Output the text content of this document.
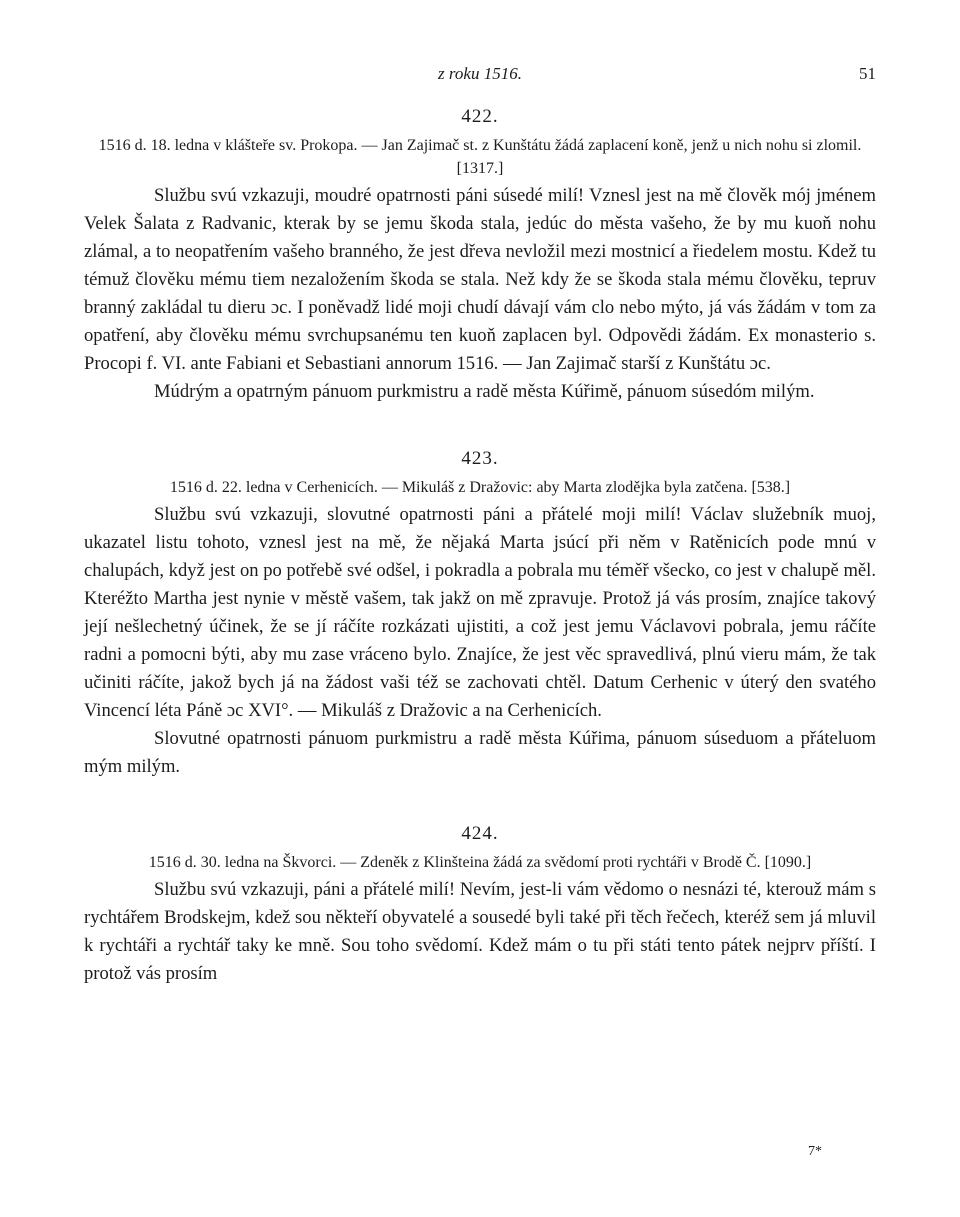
z roku 1516.	51
422.
1516 d. 18. ledna v klášteře sv. Prokopa. — Jan Zajimač st. z Kunštátu žádá zaplacení koně, jenž u nich nohu si zlomil. [1317.]

Službu svú vzkazuji, moudré opatrnosti páni súsedé milí! Vznesl jest na mě člověk mój jménem Velek Šalata z Radvanic, kterak by se jemu škoda stala, jedúc do města vašeho, že by mu kuoň nohu zlámal, a to neopatřením vašeho branného, že jest dřeva nevložil mezi mostnicí a řiedelem mostu. Kdež tu témuž člověku mému tiem nezaložením škoda se stala. Než kdy že se škoda stala mému člověku, tepruv branný zakládal tu dieru ɔc. I poněvadž lidé moji chudí dávají vám clo nebo mýto, já vás žádám v tom za opatření, aby člověku mému svrchupsanému ten kuoň zaplacen byl. Odpovědi žádám. Ex monasterio s. Procopi f. VI. ante Fabiani et Sebastiani annorum 1516. — Jan Zajimač starší z Kunštátu ɔc.

Múdrým a opatrným pánuom purkmistru a radě města Kúřimě, pánuom súsedóm milým.

423.
1516 d. 22. ledna v Cerhenicích. — Mikuláš z Dražovic: aby Marta zlodějka byla zatčena. [538.]

Službu svú vzkazuji, slovutné opatrnosti páni a přátelé moji milí! Václav služebník muoj, ukazatel listu tohoto, vznesl jest na mě, že nějaká Marta jsúcí při něm v Ratěnicích pode mnú v chalupách, když jest on po potřebě své odšel, i pokradla a pobrala mu téměř všecko, co jest v chalupě měl. Kteréžto Martha jest nynie v městě vašem, tak jakž on mě zpravuje. Protož já vás prosím, znajíce takový její nešlechetný účinek, že se jí ráčíte rozkázati ujistiti, a což jest jemu Václavovi pobrala, jemu ráčíte radni a pomocni býti, aby mu zase vráceno bylo. Znajíce, že jest věc spravedlivá, plnú vieru mám, že tak učiniti ráčíte, jakož bych já na žádost vaši též se zachovati chtěl. Datum Cerhenic v úterý den svatého Vincencí léta Páně ɔc XVI°. — Mikuláš z Dražovic a na Cerhenicích.

Slovutné opatrnosti pánuom purkmistru a radě města Kúřima, pánuom súseduom a přáteluom mým milým.

424.
1516 d. 30. ledna na Škvorci. — Zdeněk z Klinšteina žádá za svědomí proti rychtáři v Brodě Č. [1090.]

Službu svú vzkazuji, páni a přátelé milí! Nevím, jest-li vám vědomo o nesnázi té, kterouž mám s rychtářem Brodskejm, kdež sou někteří obyvatelé a sousedé byli také při těch řečech, kteréž sem já mluvil k rychtáři a rychtář taky ke mně. Sou toho svědomí. Kdež mám o tu při státi tento pátek nejprv příští. I protož vás prosím

7*
